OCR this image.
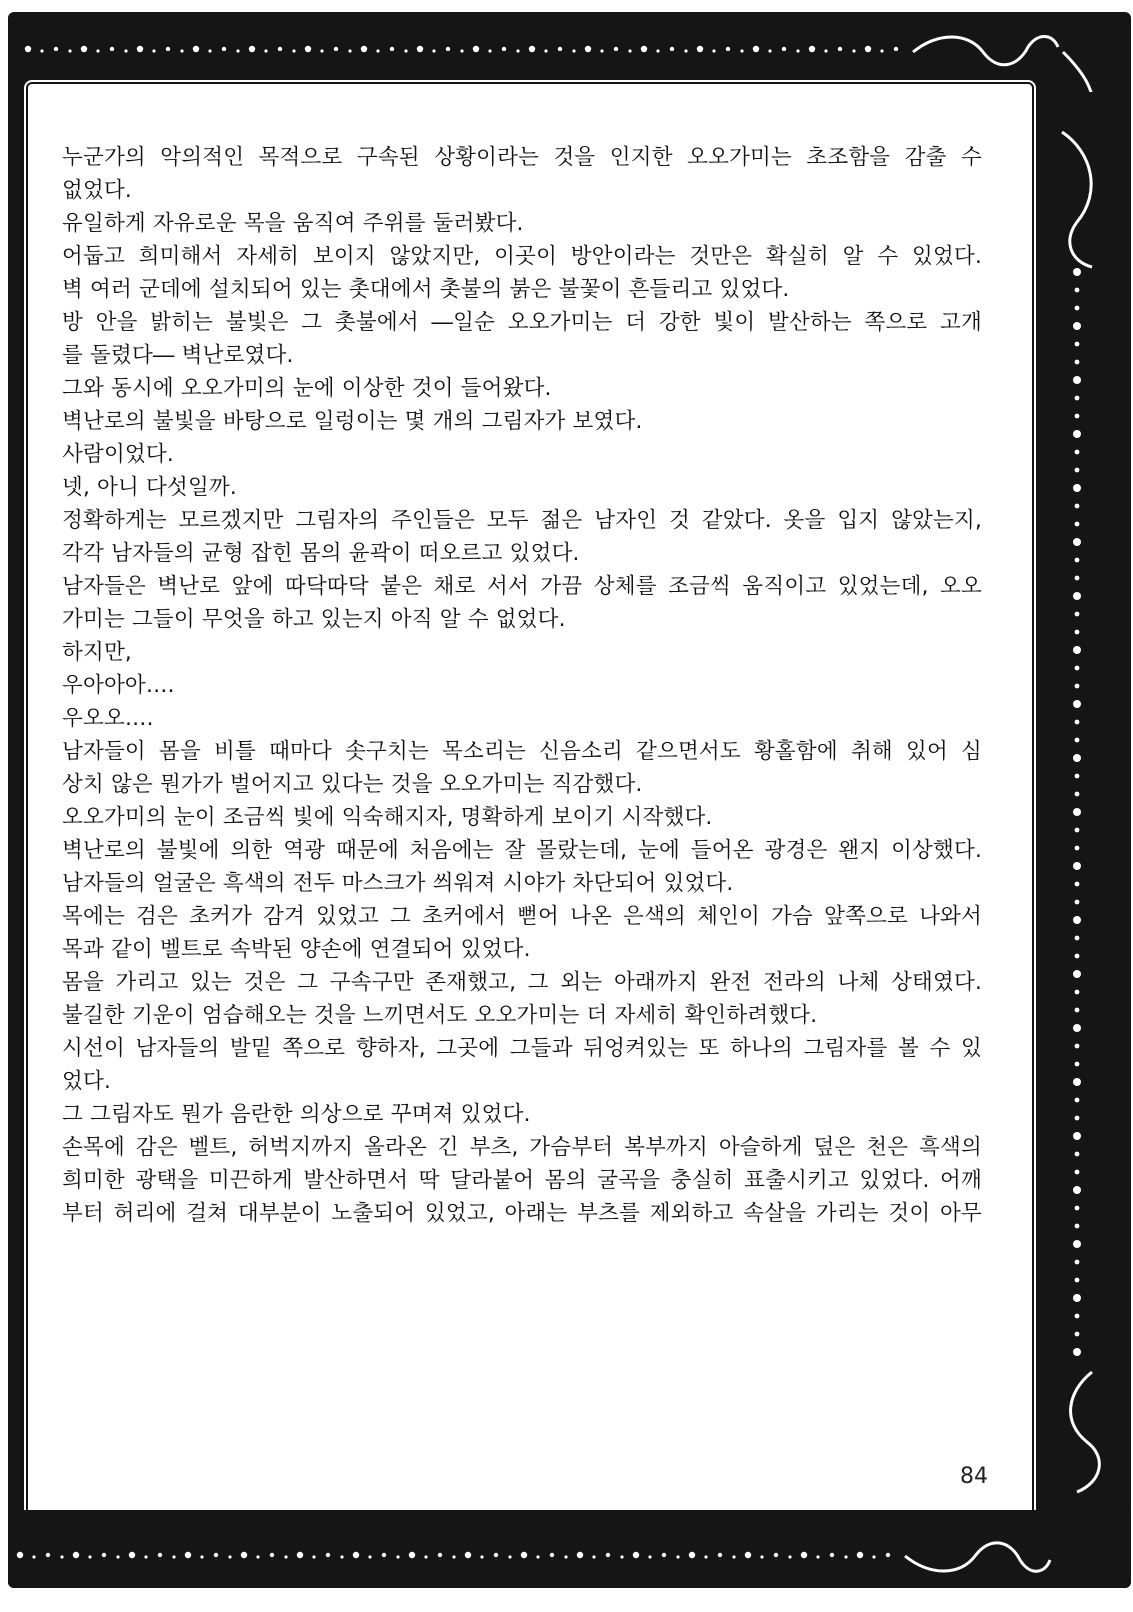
누군가의 악의적인 목적으로 구속된 상황이라는 것을 인지한 오오가미는 초조함을 감출 수
없었다.
유일하게 자유로운 목을 움직여 주위를 둘러봤다.
어둡고 희미해서 자세히 보이지 않았지만, 이곳이 방안이라는 것만은 확실히 알 수 있었다.
벽 여러 군데에 설치되어 있는 촛대에서 촛불의 붉은 불꽃이 흔들리고 있었다.
방 안을 밝히는 불빛은 그 촛불에서 ―일순 오오가미는 더 강한 빛이 발산하는 쪽으로 고개
를 돌렸다― 벽난로였다.
그와 동시에 오오가미의 눈에 이상한 것이 들어왔다.
벽난로의 불빛을 바탕으로 일렁이는 몇 개의 그림자가 보였다.
사람이었다.
넷, 아니 다섯일까.
정확하게는 모르겠지만 그림자의 주인들은 모두 젊은 남자인 것 같았다. 옷을 입지 않았는지,
각각 남자들의 균형 잡힌 몸의 윤곽이 떠오르고 있었다.
남자들은 벽난로 앞에 따닥따닥 붙은 채로 서서 가끔 상체를 조금씩 움직이고 있었는데, 오오
가미는 그들이 무엇을 하고 있는지 아직 알 수 없었다.
하지만,
우아아아….
우오오….
남자들이 몸을 비틀 때마다 솟구치는 목소리는 신음소리 같으면서도 황홀함에 취해 있어 심
상치 않은 뭔가가 벌어지고 있다는 것을 오오가미는 직감했다.
오오가미의 눈이 조금씩 빛에 익숙해지자, 명확하게 보이기 시작했다.
벽난로의 불빛에 의한 역광 때문에 처음에는 잘 몰랐는데, 눈에 들어온 광경은 왠지 이상했다.
남자들의 얼굴은 흑색의 전두 마스크가 씌워져 시야가 차단되어 있었다.
목에는 검은 초커가 감겨 있었고 그 초커에서 뻗어 나온 은색의 체인이 가슴 앞쪽으로 나와서
목과 같이 벨트로 속박된 양손에 연결되어 있었다.
몸을 가리고 있는 것은 그 구속구만 존재했고, 그 외는 아래까지 완전 전라의 나체 상태였다.
불길한 기운이 엄습해오는 것을 느끼면서도 오오가미는 더 자세히 확인하려했다.
시선이 남자들의 발밑 쪽으로 향하자, 그곳에 그들과 뒤엉켜있는 또 하나의 그림자를 볼 수 있
었다.
그 그림자도 뭔가 음란한 의상으로 꾸며져 있었다.
손목에 감은 벨트, 허벅지까지 올라온 긴 부츠, 가슴부터 복부까지 아슬하게 덮은 천은 흑색의
희미한 광택을 미끈하게 발산하면서 딱 달라붙어 몸의 굴곡을 충실히 표출시키고 있었다. 어깨
부터 허리에 걸쳐 대부분이 노출되어 있었고, 아래는 부츠를 제외하고 속살을 가리는 것이 아무
84
